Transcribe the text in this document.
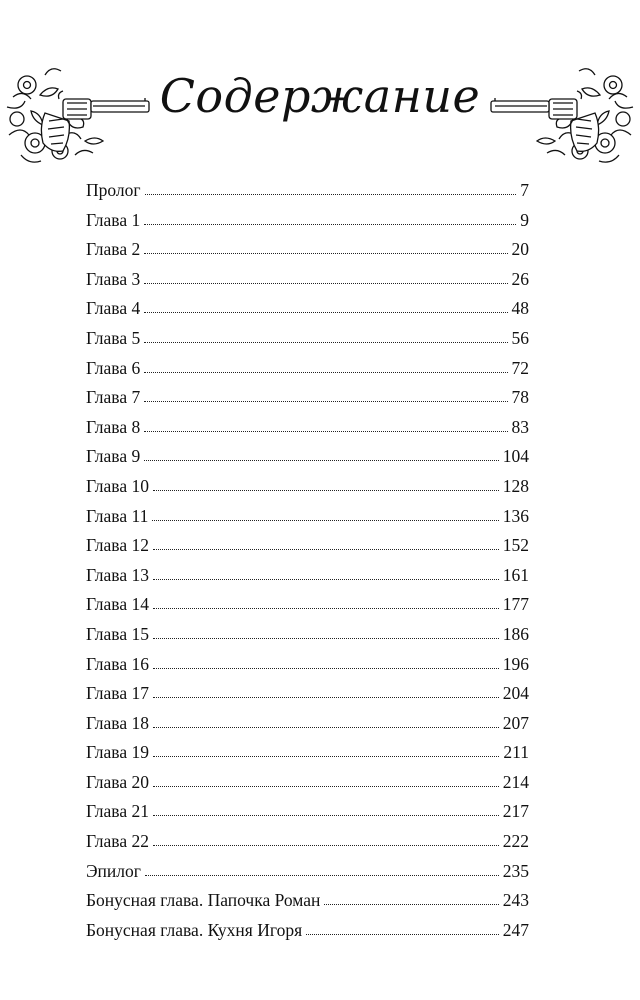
Содержание
Пролог	7
Глава 1	9
Глава 2	20
Глава 3	26
Глава 4	48
Глава 5	56
Глава 6	72
Глава 7	78
Глава 8	83
Глава 9	104
Глава 10	128
Глава 11	136
Глава 12	152
Глава 13	161
Глава 14	177
Глава 15	186
Глава 16	196
Глава 17	204
Глава 18	207
Глава 19	211
Глава 20	214
Глава 21	217
Глава 22	222
Эпилог	235
Бонусная глава. Папочка Роман	243
Бонусная глава. Кухня Игоря	247
